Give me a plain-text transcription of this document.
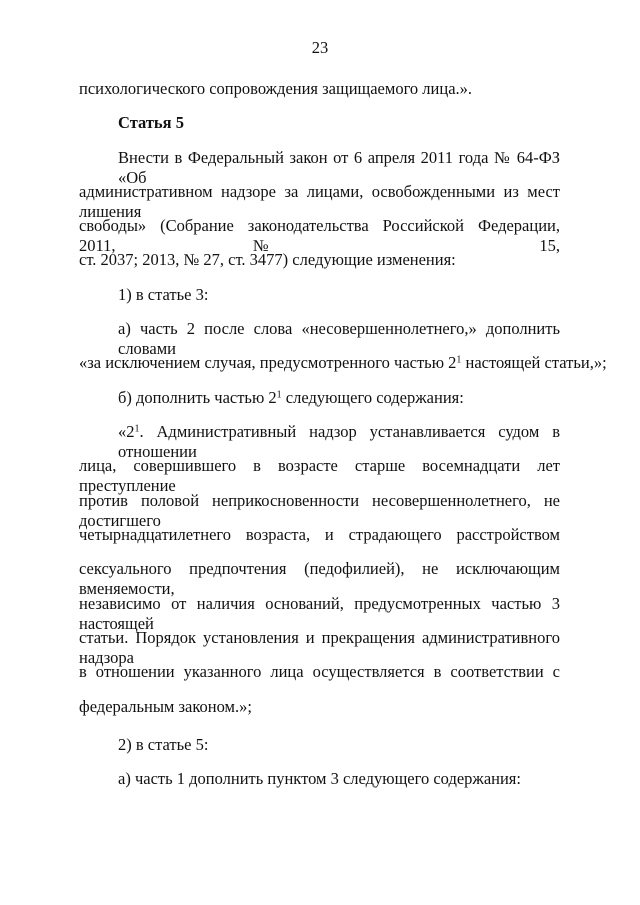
23
психологического сопровождения защищаемого лица.».
Статья 5
Внести в Федеральный закон от 6 апреля 2011 года № 64-ФЗ «Об
административном надзоре за лицами, освобожденными из мест лишения
свободы» (Собрание законодательства Российской Федерации, 2011, № 15,
ст. 2037; 2013, № 27, ст. 3477) следующие изменения:
1) в статье 3:
а) часть 2 после слова «несовершеннолетнего,» дополнить словами
«за исключением случая, предусмотренного частью $2^1$ настоящей статьи,»;
б) дополнить частью $2^1$ следующего содержания:
«$2^1$. Административный надзор устанавливается судом в отношении
лица, совершившего в возрасте старше восемнадцати лет преступление
против половой неприкосновенности несовершеннолетнего, не достигшего
четырнадцатилетнего возраста, и страдающего расстройством
сексуального предпочтения (педофилией), не исключающим вменяемости,
независимо от наличия оснований, предусмотренных частью 3 настоящей
статьи. Порядок установления и прекращения административного надзора
в отношении указанного лица осуществляется в соответствии с
федеральным законом.»;
2) в статье 5:
а) часть 1 дополнить пунктом 3 следующего содержания:
